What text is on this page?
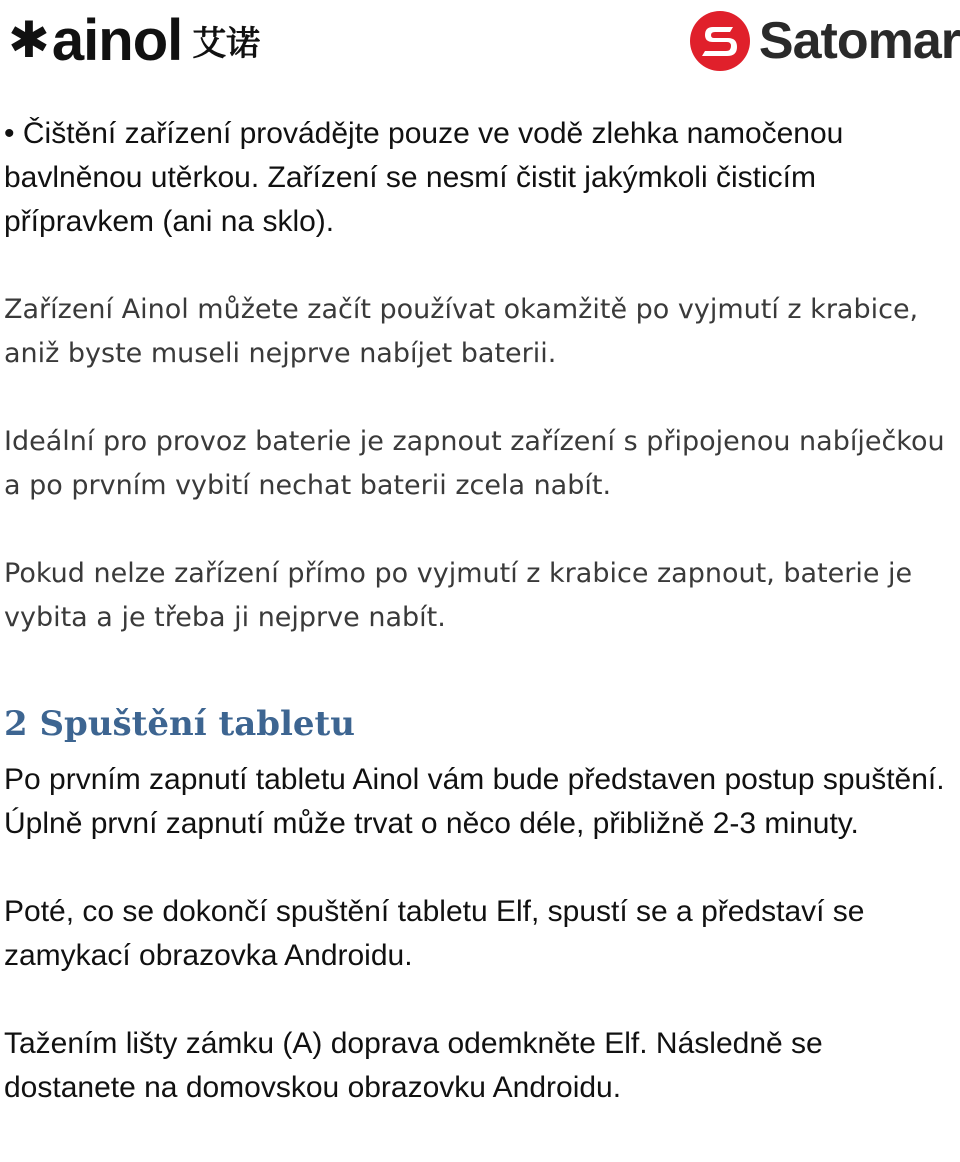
✱ ainol 艾诺	Satomar

• Čištění zařízení provádějte pouze ve vodě zlehka namočenou bavlněnou utěrkou. Zařízení se nesmí čistit jakýmkoli čisticím přípravkem (ani na sklo).

Zařízení Ainol můžete začít používat okamžitě po vyjmutí z krabice, aniž byste museli nejprve nabíjet baterii.

Ideální pro provoz baterie je zapnout zařízení s připojenou nabíječkou a po prvním vybití nechat baterii zcela nabít.

Pokud nelze zařízení přímo po vyjmutí z krabice zapnout, baterie je vybita a je třeba ji nejprve nabít.

2 Spuštění tabletu

Po prvním zapnutí tabletu Ainol vám bude představen postup spuštění. Úplně první zapnutí může trvat o něco déle, přibližně 2-3 minuty.

Poté, co se dokončí spuštění tabletu Elf, spustí se a představí se zamykací obrazovka Androidu.

Tažením lišty zámku (A) doprava odemkněte Elf. Následně se dostanete na domovskou obrazovku Androidu.
